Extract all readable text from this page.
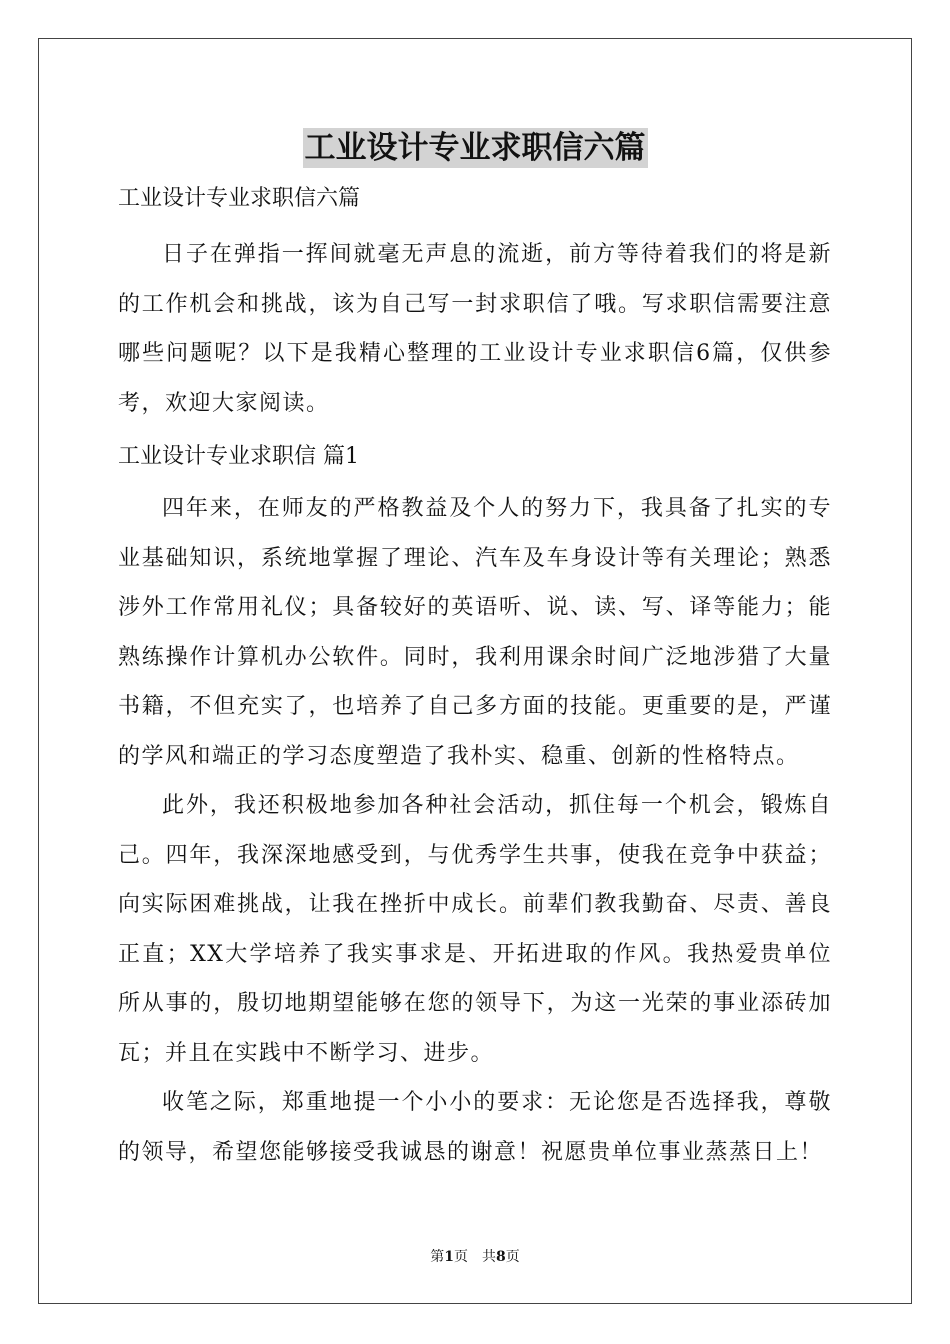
工业设计专业求职信六篇

工业设计专业求职信六篇

日子在弹指一挥间就毫无声息的流逝，前方等待着我们的将是新的工作机会和挑战，该为自己写一封求职信了哦。写求职信需要注意哪些问题呢？以下是我精心整理的工业设计专业求职信6篇，仅供参考，欢迎大家阅读。

工业设计专业求职信 篇1

四年来，在师友的严格教益及个人的努力下，我具备了扎实的专业基础知识，系统地掌握了理论、汽车及车身设计等有关理论；熟悉涉外工作常用礼仪；具备较好的英语听、说、读、写、译等能力；能熟练操作计算机办公软件。同时，我利用课余时间广泛地涉猎了大量书籍，不但充实了，也培养了自己多方面的技能。更重要的是，严谨的学风和端正的学习态度塑造了我朴实、稳重、创新的性格特点。

此外，我还积极地参加各种社会活动，抓住每一个机会，锻炼自己。四年，我深深地感受到，与优秀学生共事，使我在竞争中获益；向实际困难挑战，让我在挫折中成长。前辈们教我勤奋、尽责、善良正直；XX大学培养了我实事求是、开拓进取的作风。我热爱贵单位所从事的，殷切地期望能够在您的领导下，为这一光荣的事业添砖加瓦；并且在实践中不断学习、进步。

收笔之际，郑重地提一个小小的要求：无论您是否选择我，尊敬的领导，希望您能够接受我诚恳的谢意！祝愿贵单位事业蒸蒸日上！

第1页 共8页
